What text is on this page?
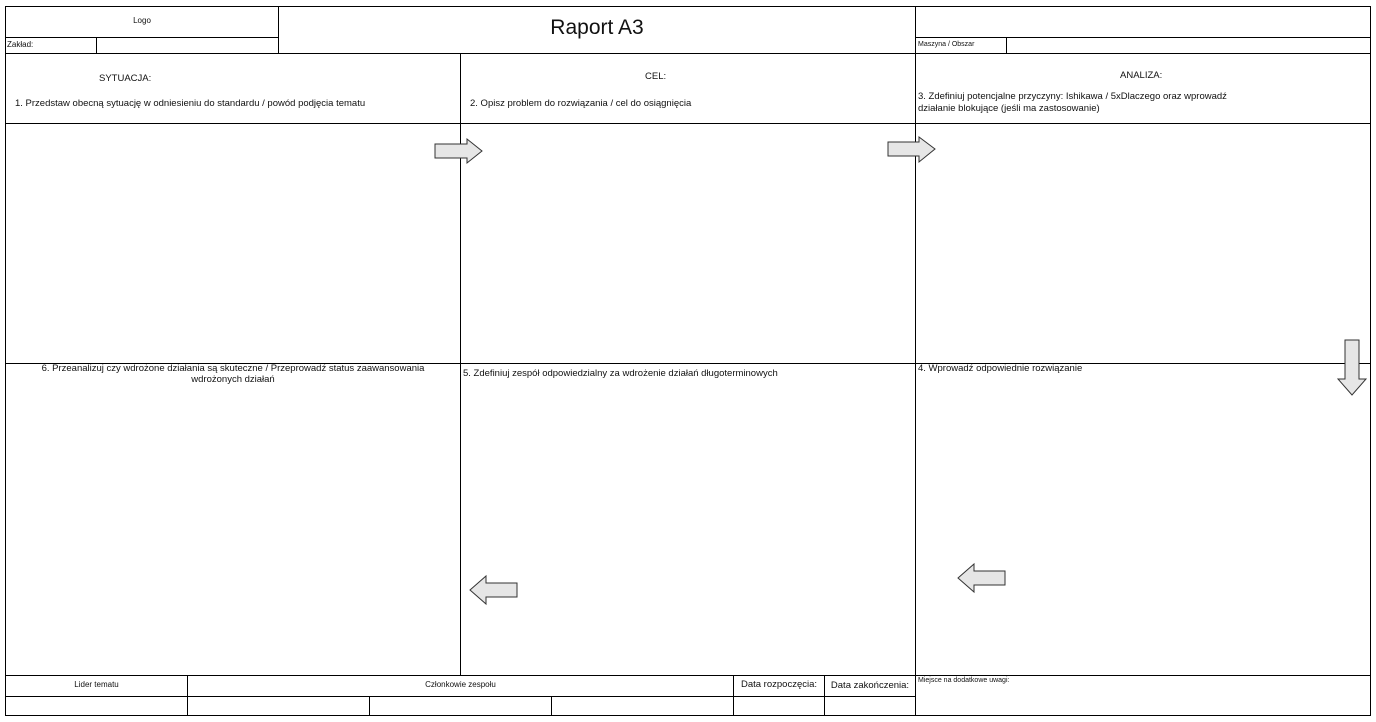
Logo
Zakład:
Raport A3
Maszyna / Obszar
SYTUACJA:
1. Przedstaw obecną sytuację w odniesieniu do standardu / powód podjęcia tematu
CEL:
2. Opisz problem do rozwiązania / cel do osiągnięcia
ANALIZA:
3. Zdefiniuj potencjalne przyczyny: Ishikawa / 5xDlaczego oraz wprowadź
działanie blokujące (jeśli ma zastosowanie)
6. Przeanalizuj czy wdrożone działania są skuteczne / Przeprowadź status zaawansowania
wdrożonych działań
5. Zdefiniuj zespół odpowiedzialny za wdrożenie działań długoterminowych	4. Wprowadź odpowiednie rozwiązanie
Lider tematu	Członkowie zespołu	Data rozpoczęcia:	Data zakończenia:	Miejsce na dodatkowe uwagi:
